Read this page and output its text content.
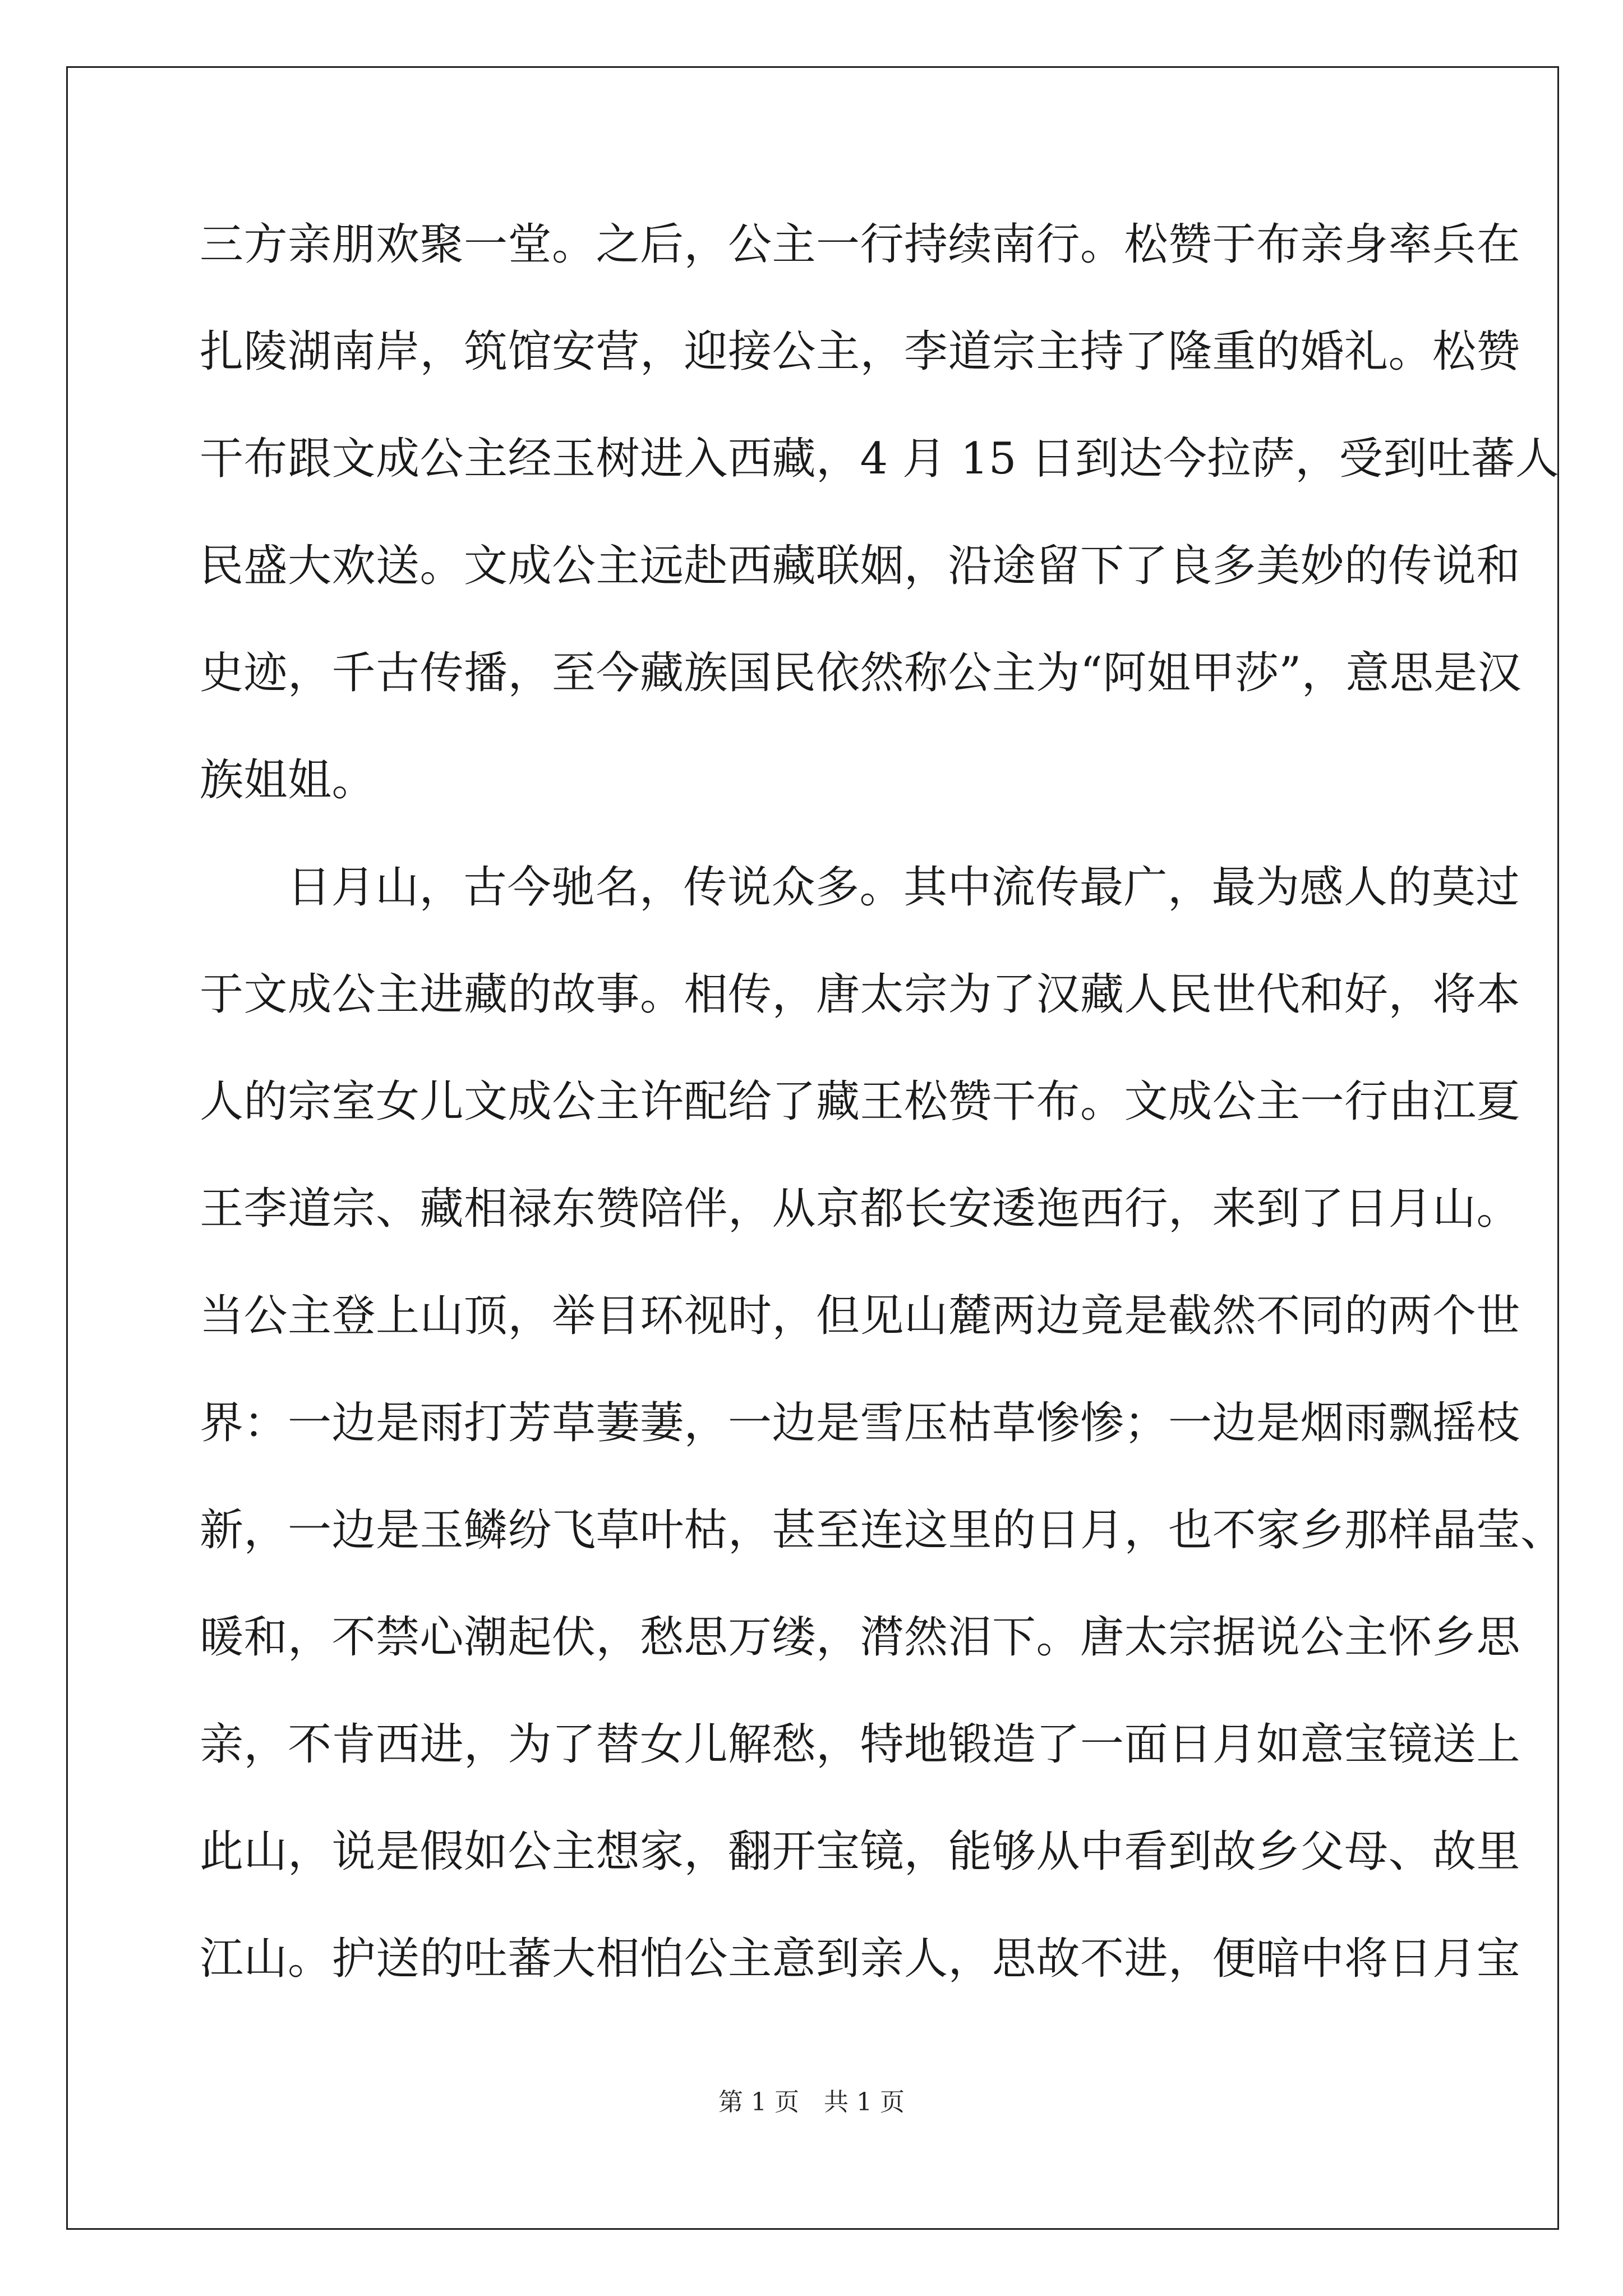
三方亲朋欢聚一堂。之后，公主一行持续南行。松赞于布亲身率兵在
扎陵湖南岸，筑馆安营，迎接公主，李道宗主持了隆重的婚礼。松赞
干布跟文成公主经玉树进入西藏，4 月 15 日到达今拉萨，受到吐蕃人
民盛大欢送。文成公主远赴西藏联姻，沿途留下了良多美妙的传说和
史迹，千古传播，至今藏族国民依然称公主为“阿姐甲莎”，意思是汉
族姐姐。
日月山，古今驰名，传说众多。其中流传最广，最为感人的莫过
于文成公主进藏的故事。相传，唐太宗为了汉藏人民世代和好，将本
人的宗室女儿文成公主许配给了藏王松赞干布。文成公主一行由江夏
王李道宗、藏相禄东赞陪伴，从京都长安逶迤西行，来到了日月山。
当公主登上山顶，举目环视时，但见山麓两边竟是截然不同的两个世
界：一边是雨打芳草萋萋，一边是雪压枯草惨惨；一边是烟雨飘摇枝
新，一边是玉鳞纷飞草叶枯，甚至连这里的日月，也不家乡那样晶莹、
暖和，不禁心潮起伏，愁思万缕，潸然泪下。唐太宗据说公主怀乡思
亲，不肯西进，为了替女儿解愁，特地锻造了一面日月如意宝镜送上
此山，说是假如公主想家，翻开宝镜，能够从中看到故乡父母、故里
江山。护送的吐蕃大相怕公主意到亲人，思故不进，便暗中将日月宝
第 1 页　共 1 页
